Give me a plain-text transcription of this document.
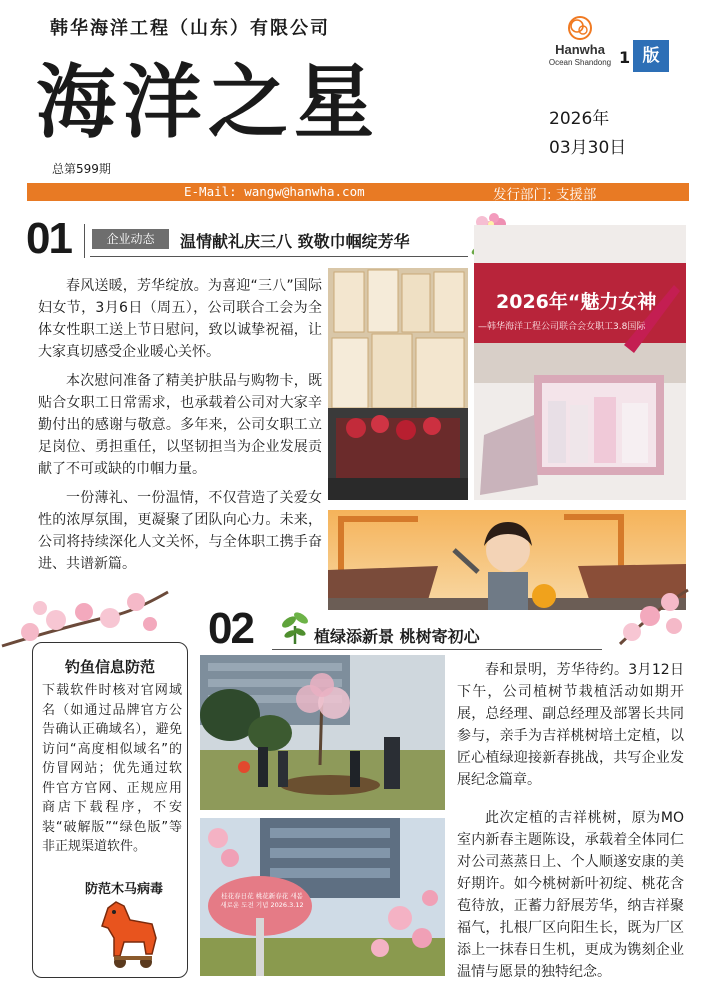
韩华海洋工程（山东）有限公司
海洋之星
总第599期
Hanwha
Ocean Shandong 1 版
2026年
03月30日
E-Mail: wangw@hanwha.com	发行部门: 支援部
01	企业动态	温情献礼庆三八 致敬巾帼绽芳华

春风送暖，芳华绽放。为喜迎“三八”国际妇女节，3月6日（周五），公司联合工会为全体女性职工送上节日慰问，致以诚挚祝福，让大家真切感受企业暖心关怀。

本次慰问准备了精美护肤品与购物卡，既贴合女职工日常需求，也承载着公司对大家辛勤付出的感谢与敬意。多年来，公司女职工立足岗位、勇担重任，以坚韧担当为企业发展贡献了不可或缺的巾帼力量。

一份薄礼、一份温情，不仅营造了关爱女性的浓厚氛围，更凝聚了团队向心力。未来，公司将持续深化人文关怀，与全体职工携手奋进、共谱新篇。

2026年“魅力女神
—韩华海洋工程公司联合会女职工3.8国际
02	植绿添新景 桃树寄初心
桂花春日花 桃花新春花 새봄 새로운 도전 기념 2026.3.12

春和景明，芳华待约。3月12日下午，公司植树节栽植活动如期开展，总经理、副总经理及部署长共同参与，亲手为吉祥桃树培土定植，以匠心植绿迎接新春挑战，共写企业发展纪念篇章。

此次定植的吉祥桃树，原为MO室内新春主题陈设，承载着全体同仁对公司蒸蒸日上、个人顺遂安康的美好期许。如今桃树新叶初绽、桃花含苞待放，正蓄力舒展芳华，纳吉祥聚福气，扎根厂区向阳生长，既为厂区添上一抹春日生机，更成为镌刻企业温情与愿景的独特纪念。

钓鱼信息防范
下载软件时核对官网域名（如通过品牌官方公告确认正确域名），避免访问“高度相似域名”的仿冒网站；优先通过软件官方官网、正规应用商店下载程序，不安装“破解版”“绿色版”等非正规渠道软件。
防范木马病毒
